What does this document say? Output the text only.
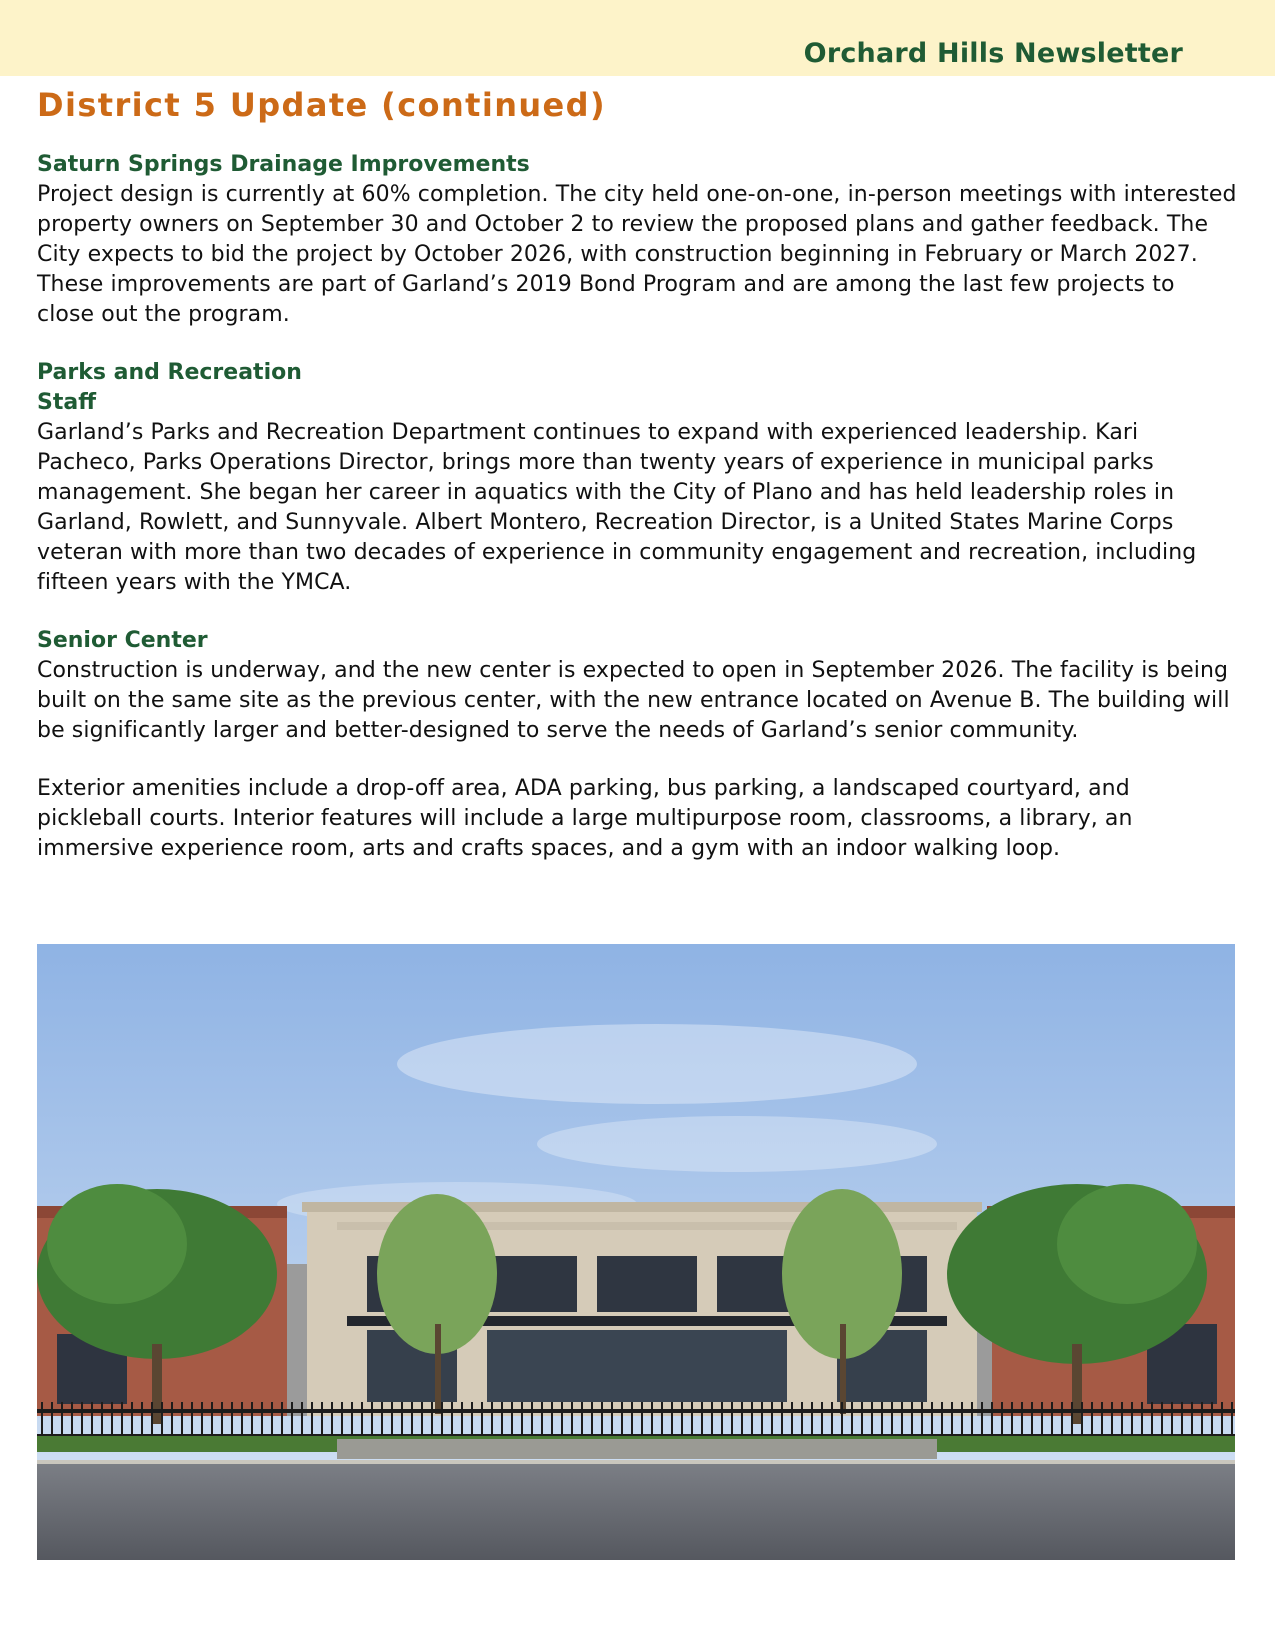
Orchard Hills Newsletter
District 5 Update (continued)
Saturn Springs Drainage Improvements

Project design is currently at 60% completion. The city held one-on-one, in-person meetings with interested property owners on September 30 and October 2 to review the proposed plans and gather feedback. The City expects to bid the project by October 2026, with construction beginning in February or March 2027. These improvements are part of Garland’s 2019 Bond Program and are among the last few projects to close out the program.

Parks and Recreation
Staff

Garland’s Parks and Recreation Department continues to expand with experienced leadership. Kari Pacheco, Parks Operations Director, brings more than twenty years of experience in municipal parks management. She began her career in aquatics with the City of Plano and has held leadership roles in Garland, Rowlett, and Sunnyvale. Albert Montero, Recreation Director, is a United States Marine Corps veteran with more than two decades of experience in community engagement and recreation, including fifteen years with the YMCA.

Senior Center

Construction is underway, and the new center is expected to open in September 2026. The facility is being built on the same site as the previous center, with the new entrance located on Avenue B. The building will be significantly larger and better-designed to serve the needs of Garland’s senior community.

Exterior amenities include a drop-off area, ADA parking, bus parking, a landscaped courtyard, and pickleball courts. Interior features will include a large multipurpose room, classrooms, a library, an immersive experience room, arts and crafts spaces, and a gym with an indoor walking loop.
